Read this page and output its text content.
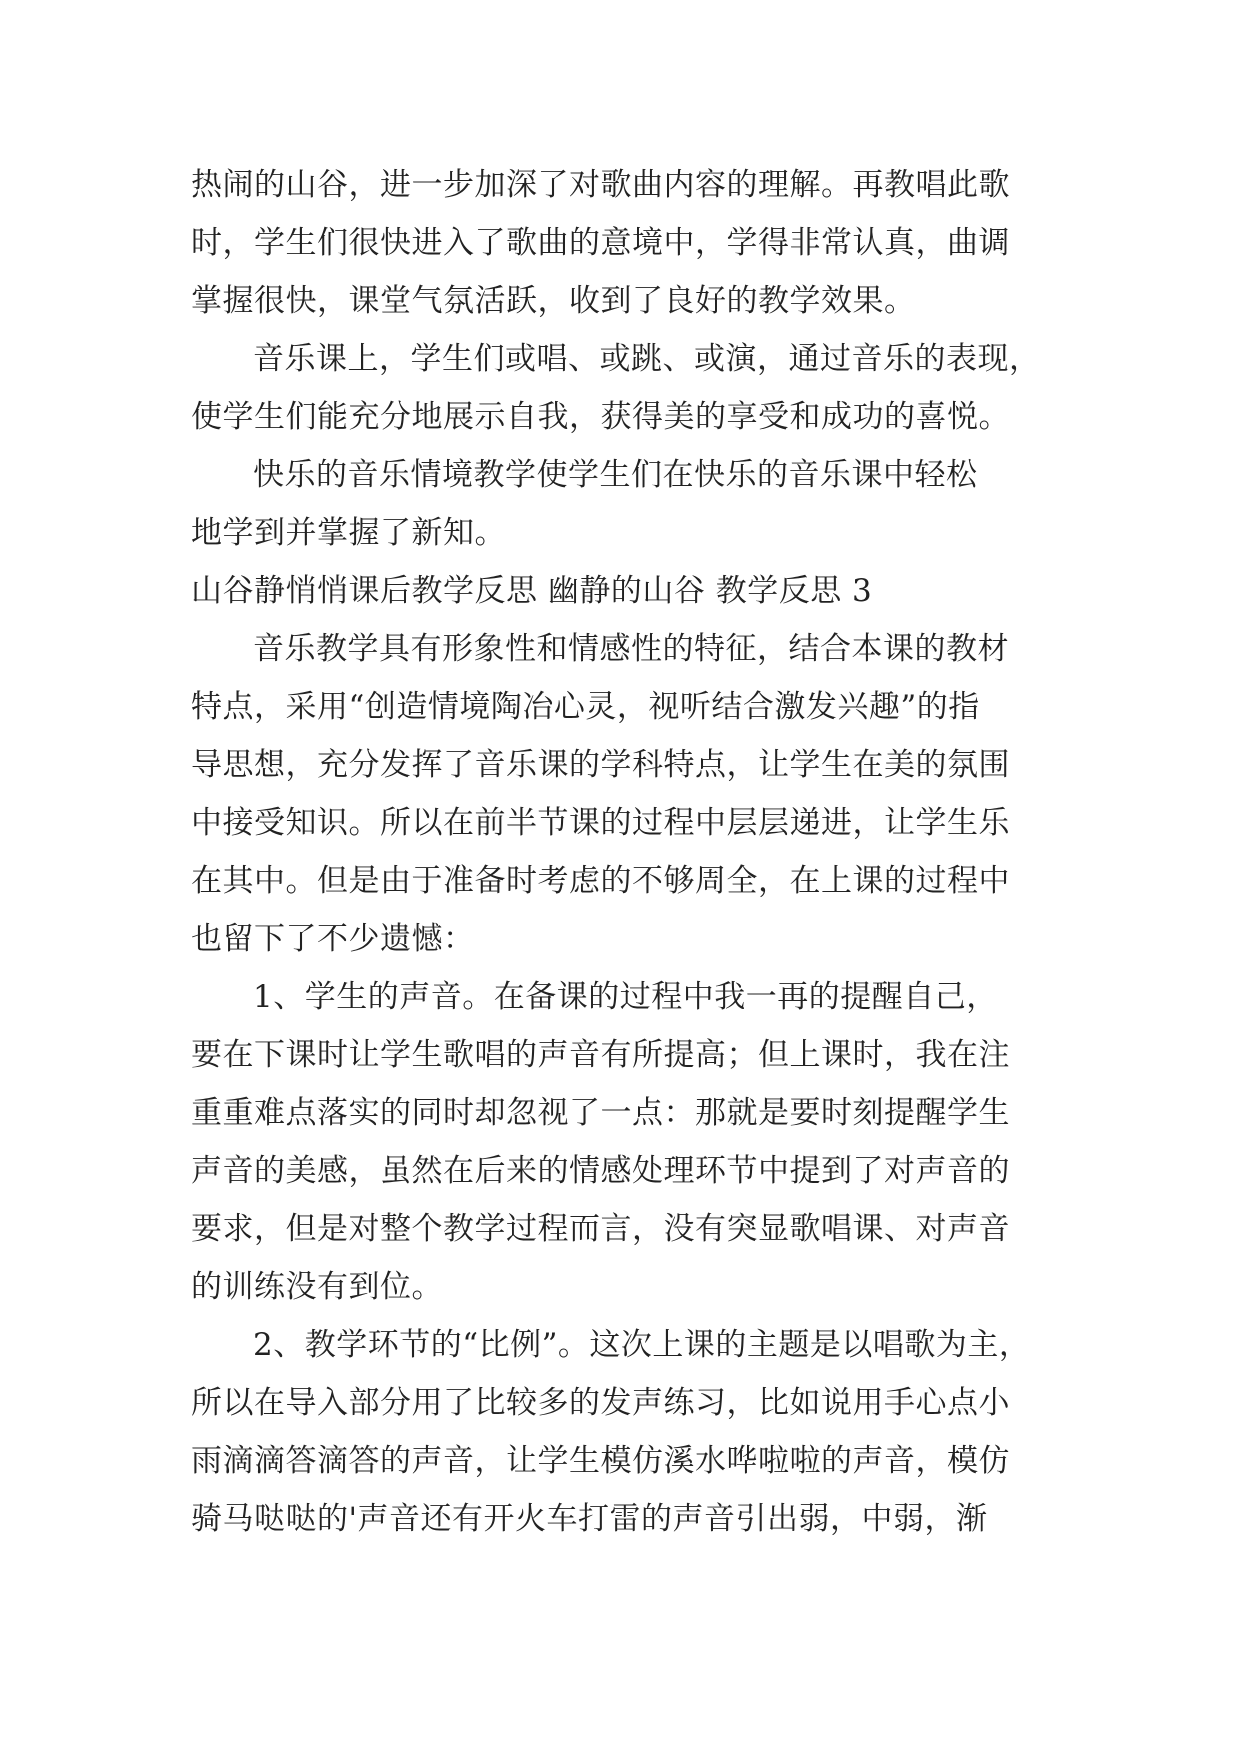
热闹的山谷，进一步加深了对歌曲内容的理解。再教唱此歌
时，学生们很快进入了歌曲的意境中，学得非常认真，曲调
掌握很快，课堂气氛活跃，收到了良好的教学效果。
音乐课上，学生们或唱、或跳、或演，通过音乐的表现，
使学生们能充分地展示自我，获得美的享受和成功的喜悦。
快乐的音乐情境教学使学生们在快乐的音乐课中轻松
地学到并掌握了新知。
山谷静悄悄课后教学反思 幽静的山谷 教学反思 3
音乐教学具有形象性和情感性的特征，结合本课的教材
特点，采用“创造情境陶冶心灵，视听结合激发兴趣”的指
导思想，充分发挥了音乐课的学科特点，让学生在美的氛围
中接受知识。所以在前半节课的过程中层层递进，让学生乐
在其中。但是由于准备时考虑的不够周全，在上课的过程中
也留下了不少遗憾：
1、学生的声音。在备课的过程中我一再的提醒自己，
要在下课时让学生歌唱的声音有所提高；但上课时，我在注
重重难点落实的同时却忽视了一点：那就是要时刻提醒学生
声音的美感，虽然在后来的情感处理环节中提到了对声音的
要求，但是对整个教学过程而言，没有突显歌唱课、对声音
的训练没有到位。
2、教学环节的“比例”。这次上课的主题是以唱歌为主，
所以在导入部分用了比较多的发声练习，比如说用手心点小
雨滴滴答滴答的声音，让学生模仿溪水哗啦啦的声音，模仿
骑马哒哒的'声音还有开火车打雷的声音引出弱，中弱，渐
